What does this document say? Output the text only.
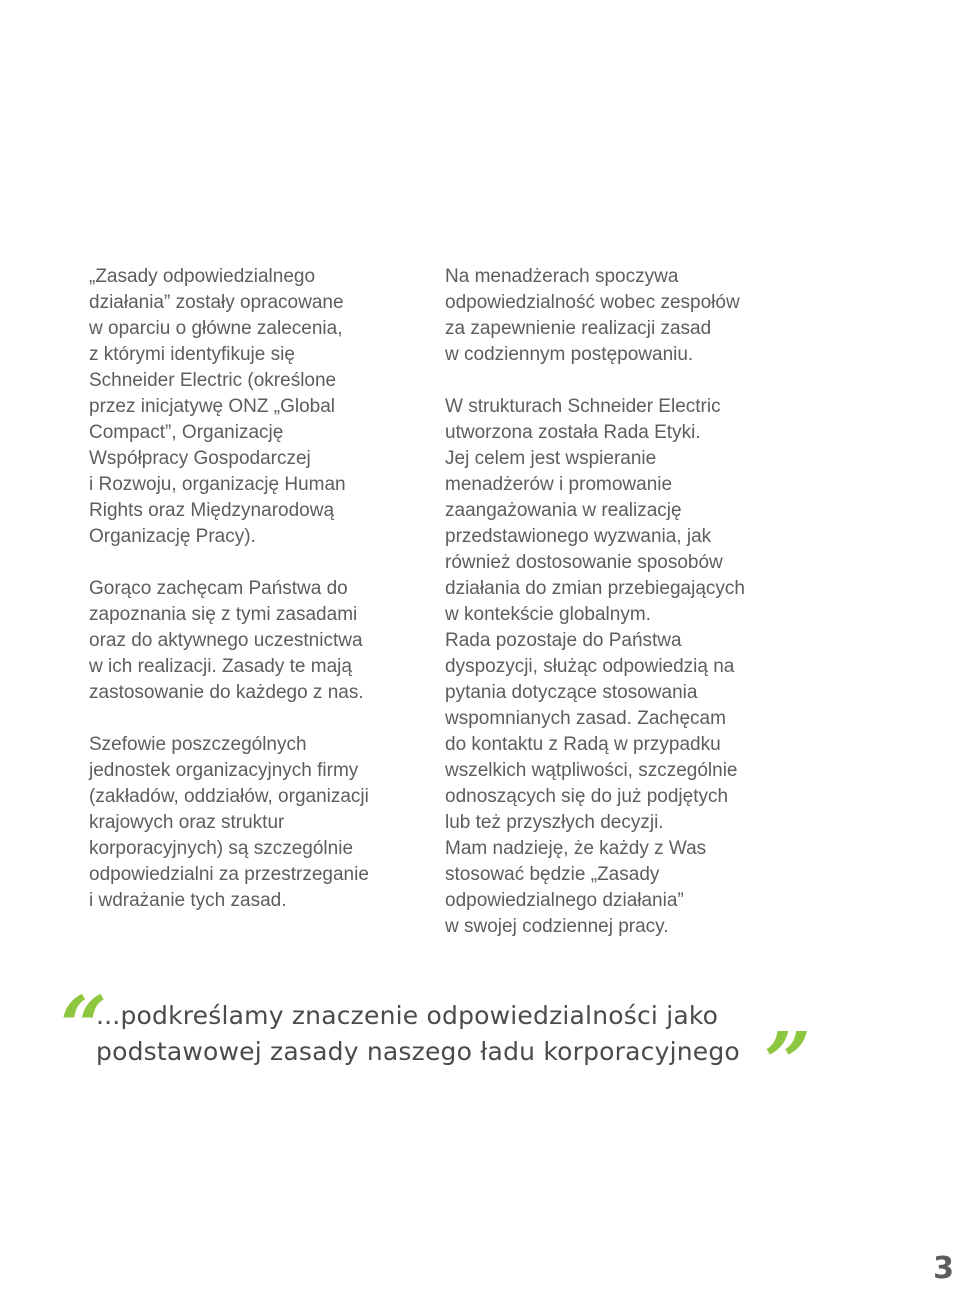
„Zasady odpowiedzialnego
działania” zostały opracowane
w oparciu o główne zalecenia,
z którymi identyfikuje się
Schneider Electric (określone
przez inicjatywę ONZ „Global
Compact”, Organizację
Współpracy Gospodarczej
i Rozwoju, organizację Human
Rights oraz Międzynarodową
Organizację Pracy).

Gorąco zachęcam Państwa do
zapoznania się z tymi zasadami
oraz do aktywnego uczestnictwa
w ich realizacji. Zasady te mają
zastosowanie do każdego z nas.

Szefowie poszczególnych
jednostek organizacyjnych firmy
(zakładów, oddziałów, organizacji
krajowych oraz struktur
korporacyjnych) są szczególnie
odpowiedzialni za przestrzeganie
i wdrażanie tych zasad.

Na menadżerach spoczywa
odpowiedzialność wobec zespołów
za zapewnienie realizacji zasad
w codziennym postępowaniu.

W strukturach Schneider Electric
utworzona została Rada Etyki.
Jej celem jest wspieranie
menadżerów i promowanie
zaangażowania w realizację
przedstawionego wyzwania, jak
również dostosowanie sposobów
działania do zmian przebiegających
w kontekście globalnym.
Rada pozostaje do Państwa
dyspozycji, służąc odpowiedzią na
pytania dotyczące stosowania
wspomnianych zasad. Zachęcam
do kontaktu z Radą w przypadku
wszelkich wątpliwości, szczególnie
odnoszących się do już podjętych
lub też przyszłych decyzji.
Mam nadzieję, że każdy z Was
stosować będzie „Zasady
odpowiedzialnego działania”
w swojej codziennej pracy.

“

...podkreślamy znaczenie odpowiedzialności jako
podstawowej zasady naszego ładu korporacyjnego ”
3
